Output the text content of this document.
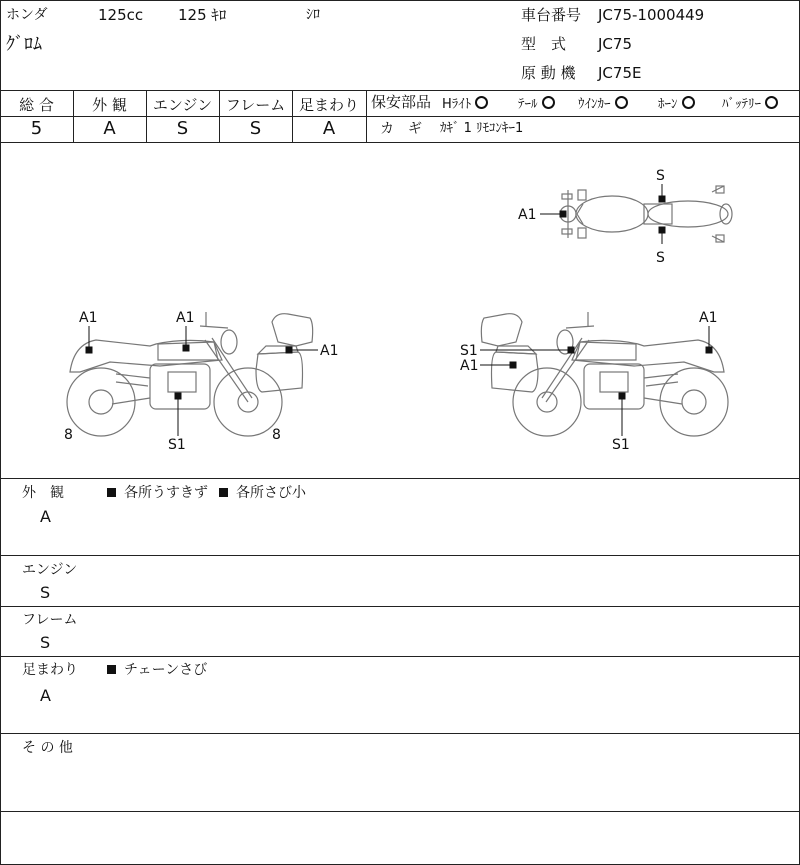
ホンダ	125cc 125 ｷﾛ	ｼﾛ
ｸﾞﾛﾑ
車台番号 JC75-1000449
型　式 JC75
原 動 機 JC75E
総 合	外 観	エンジン フレーム 足まわり
5	A	S	S	A
保安部品 Hﾗｲﾄ	ﾃｰﾙ	ｳｲﾝｶｰ	ﾎｰﾝ	ﾊﾞｯﾃﾘｰ
カ　ギ ｶｷﾞ 1 ﾘﾓｺﾝｷｰ1
S
S
A1
A1	A1
A1
S1
8	8
S1
A1
A1
S1
外　観	各所うすきず	各所さび小
A
エンジン
S
フレーム
S
足まわり	チェーンさび
A
そ の 他
